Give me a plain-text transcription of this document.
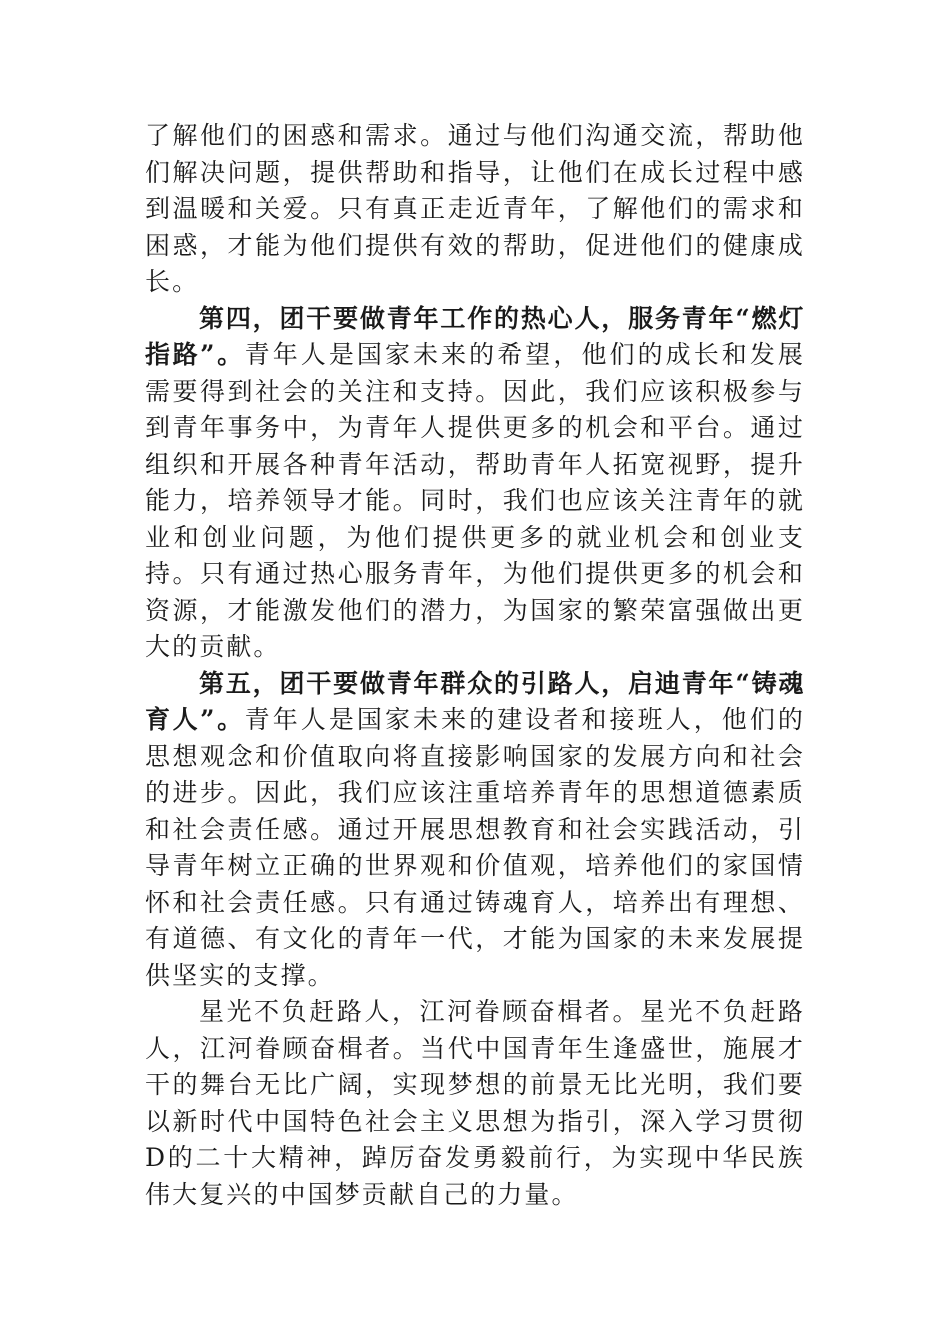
了解他们的困惑和需求。通过与他们沟通交流，帮助他们解决问题，提供帮助和指导，让他们在成长过程中感到温暖和关爱。只有真正走近青年，了解他们的需求和困惑，才能为他们提供有效的帮助，促进他们的健康成长。

第四，团干要做青年工作的热心人，服务青年“燃灯指路”。青年人是国家未来的希望，他们的成长和发展需要得到社会的关注和支持。因此，我们应该积极参与到青年事务中，为青年人提供更多的机会和平台。通过组织和开展各种青年活动，帮助青年人拓宽视野，提升能力，培养领导才能。同时，我们也应该关注青年的就业和创业问题，为他们提供更多的就业机会和创业支持。只有通过热心服务青年，为他们提供更多的机会和资源，才能激发他们的潜力，为国家的繁荣富强做出更大的贡献。

第五，团干要做青年群众的引路人，启迪青年“铸魂育人”。青年人是国家未来的建设者和接班人，他们的思想观念和价值取向将直接影响国家的发展方向和社会的进步。因此，我们应该注重培养青年的思想道德素质和社会责任感。通过开展思想教育和社会实践活动，引导青年树立正确的世界观和价值观，培养他们的家国情怀和社会责任感。只有通过铸魂育人，培养出有理想、有道德、有文化的青年一代，才能为国家的未来发展提供坚实的支撑。

星光不负赶路人，江河眷顾奋楫者。星光不负赶路人，江河眷顾奋楫者。当代中国青年生逢盛世，施展才干的舞台无比广阔，实现梦想的前景无比光明，我们要以新时代中国特色社会主义思想为指引，深入学习贯彻D的二十大精神，踔厉奋发勇毅前行，为实现中华民族伟大复兴的中国梦贡献自己的力量。
